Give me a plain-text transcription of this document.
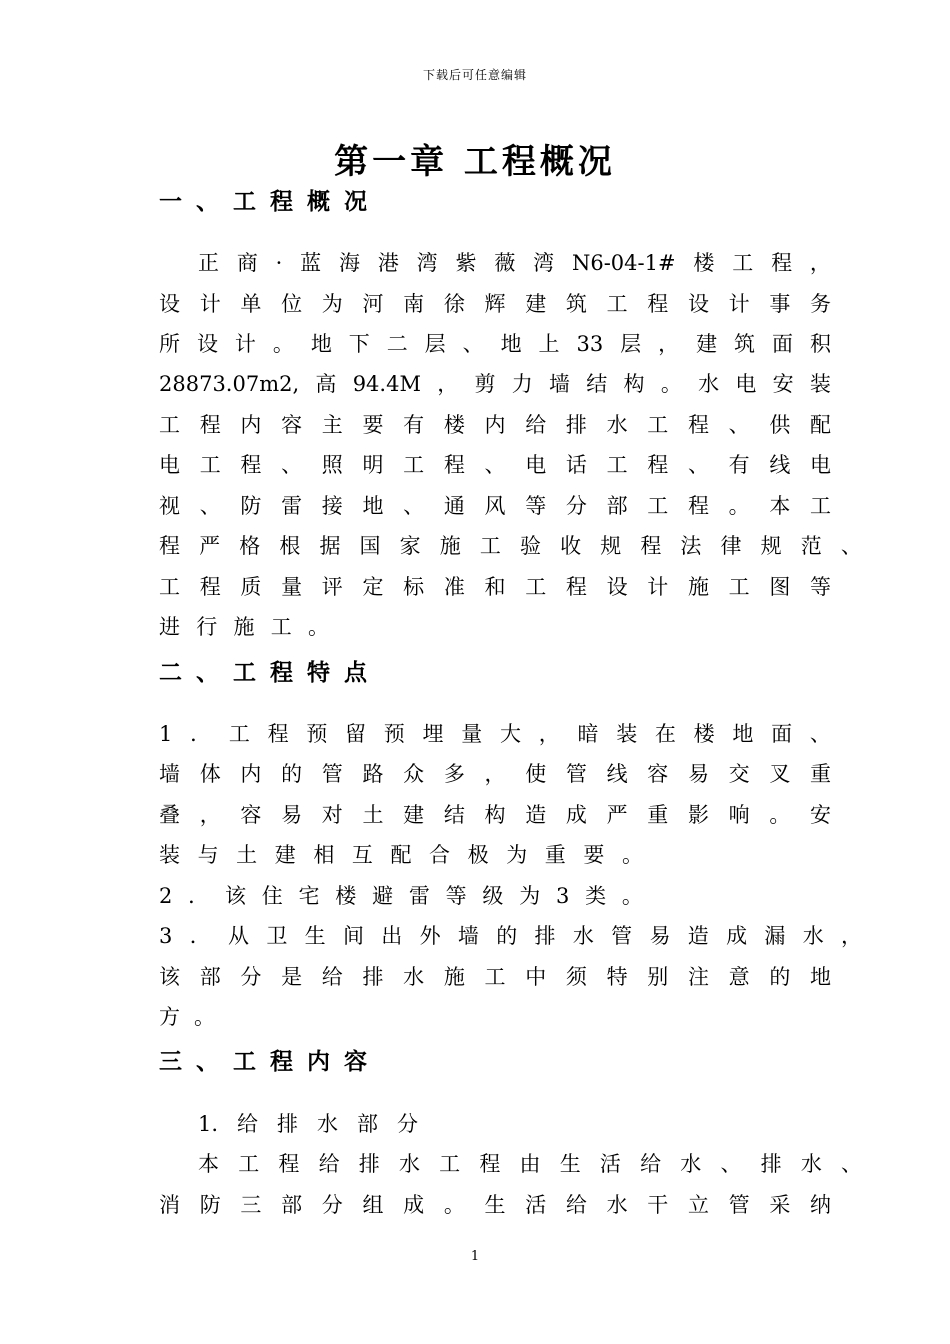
下载后可任意编辑
第一章 工程概况
一、工程概况
正 商 · 蓝 海 港 湾 紫 薇 湾 N6-04-1# 楼 工 程 ，
设 计 单 位 为 河 南 徐 辉 建 筑 工 程 设 计 事 务
所 设 计 。 地 下 二 层 、 地 上 33 层 ， 建 筑 面 积
28873.07m2, 高 94.4M ， 剪 力 墙 结 构 。 水 电 安 装
工 程 内 容 主 要 有 楼 内 给 排 水 工 程 、 供 配
电 工 程 、 照 明 工 程 、 电 话 工 程 、 有 线 电
视 、 防 雷 接 地 、 通 风 等 分 部 工 程 。 本 工
程 严 格 根 据 国 家 施 工 验 收 规 程 法 律 规 范 、
工 程 质 量 评 定 标 准 和 工 程 设 计 施 工 图 等
进 行 施 工 。
二、工程特点
1 ． 工 程 预 留 预 埋 量 大 ， 暗 装 在 楼 地 面 、
墙 体 内 的 管 路 众 多 ， 使 管 线 容 易 交 叉 重
叠 ， 容 易 对 土 建 结 构 造 成 严 重 影 响 。 安
装 与 土 建 相 互 配 合 极 为 重 要 。
2 ． 该 住 宅 楼 避 雷 等 级 为 3 类 。
3 ． 从 卫 生 间 出 外 墙 的 排 水 管 易 造 成 漏 水 ，
该 部 分 是 给 排 水 施 工 中 须 特 别 注 意 的 地
方 。
三、工程内容
1. 给 排 水 部 分
本 工 程 给 排 水 工 程 由 生 活 给 水 、 排 水 、
消 防 三 部 分 组 成 。 生 活 给 水 干 立 管 采 纳
1
